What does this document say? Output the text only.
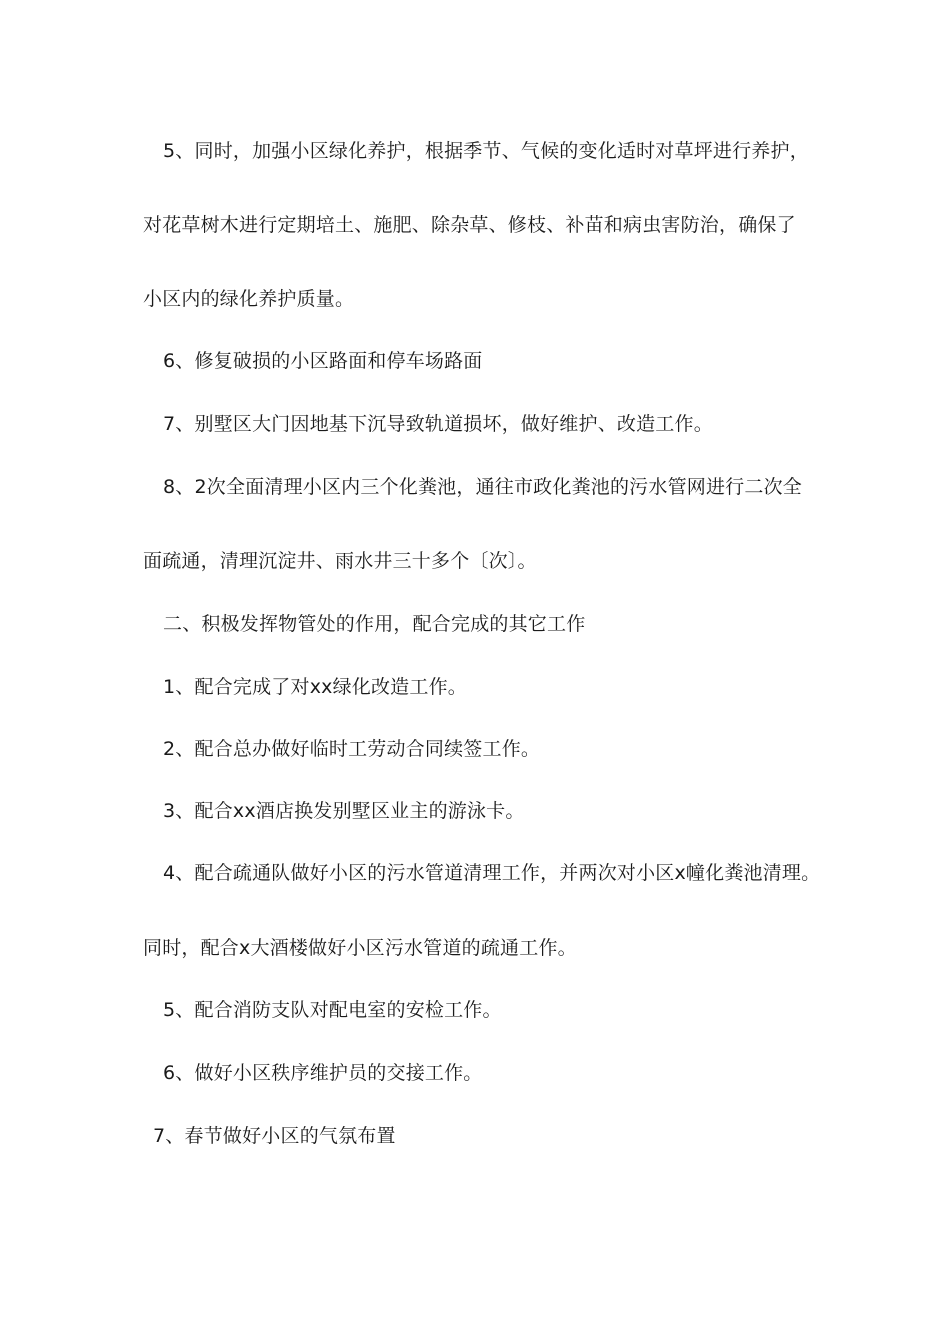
5、同时，加强小区绿化养护，根据季节、气候的变化适时对草坪进行养护，
对花草树木进行定期培土、施肥、除杂草、修枝、补苗和病虫害防治，确保了
小区内的绿化养护质量。
6、修复破损的小区路面和停车场路面
7、别墅区大门因地基下沉导致轨道损坏，做好维护、改造工作。
8、2次全面清理小区内三个化粪池，通往市政化粪池的污水管网进行二次全
面疏通，清理沉淀井、雨水井三十多个〔次〕。
二、积极发挥物管处的作用，配合完成的其它工作
1、配合完成了对xx绿化改造工作。
2、配合总办做好临时工劳动合同续签工作。
3、配合xx酒店换发别墅区业主的游泳卡。
4、配合疏通队做好小区的污水管道清理工作，并两次对小区x幢化粪池清理。
同时，配合x大酒楼做好小区污水管道的疏通工作。
5、配合消防支队对配电室的安检工作。
6、做好小区秩序维护员的交接工作。
7、春节做好小区的气氛布置
